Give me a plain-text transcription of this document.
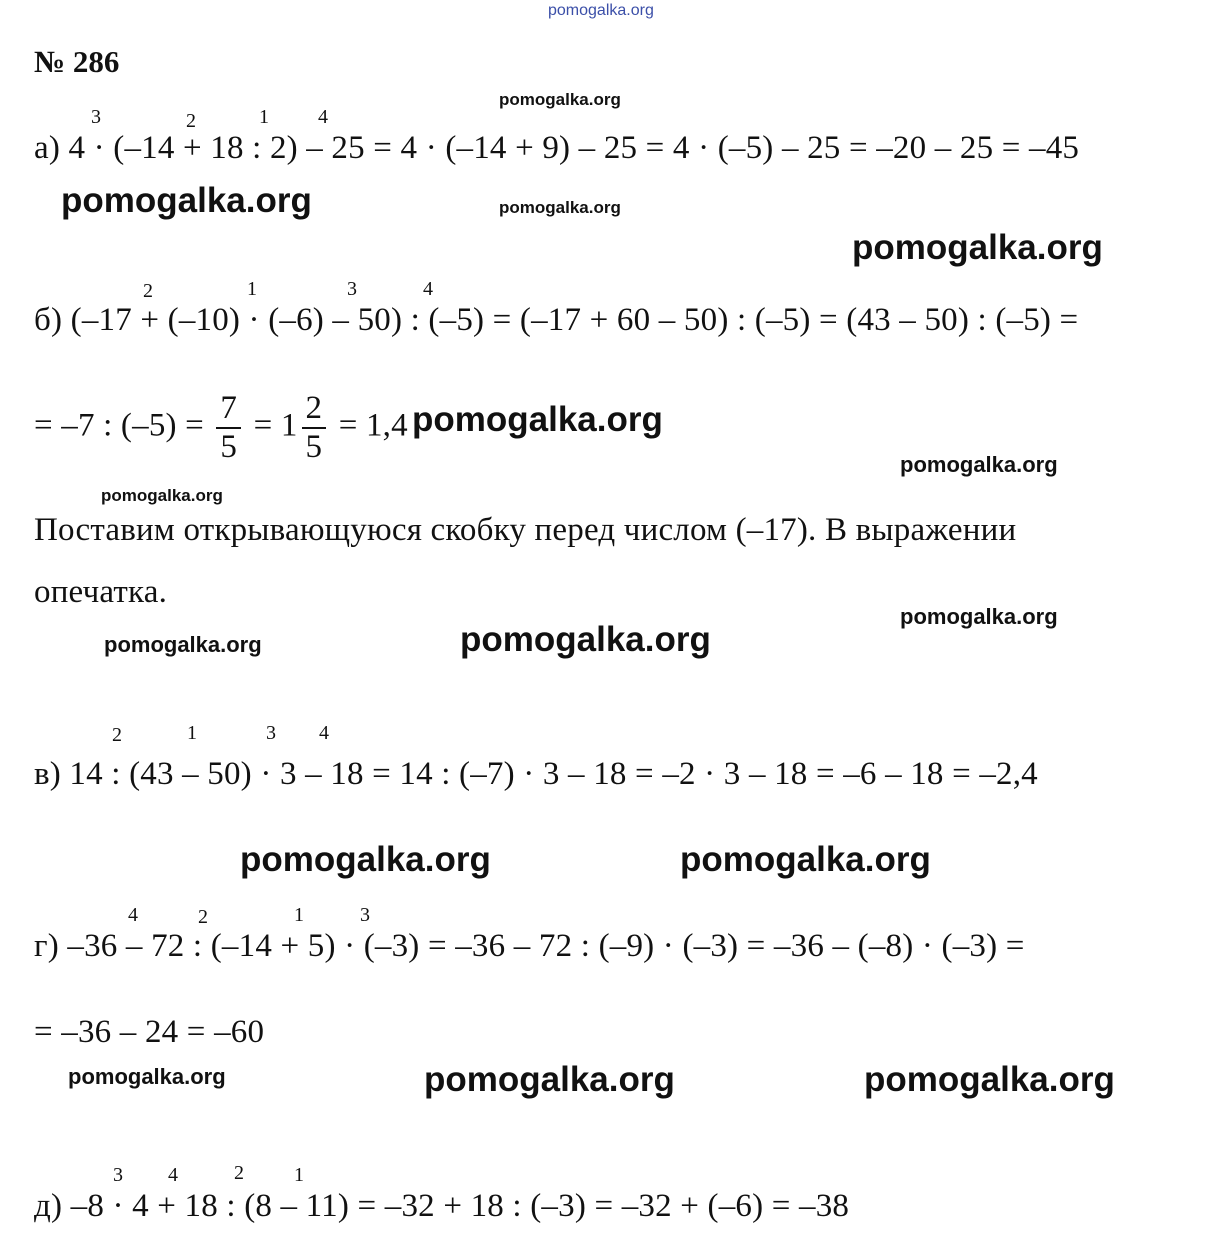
pomogalka.org
№ 286
3	2	1 4
а) 4 · (–14 + 18 : 2) – 25 = 4 · (–14 + 9) – 25 = 4 · (–5) – 25 = –20 – 25 = –45
2	1	3	4
б) (–17 + (–10) · (–6) – 50) : (–5) = (–17 + 60 – 50) : (–5) = (43 – 50) : (–5) =
= –7 : $(-5) = \frac{7}{5} = 1 \frac{2}{5} = 1,4$
Поставим открывающуюся скобку перед числом (–17). В выражении
опечатка.
2	1	3 4
в) 14 : (43 – 50) · 3 – 18 = 14 : (–7) · 3 – 18 = –2 · 3 – 18 = –6 – 18 = –2,4
4	2	1	3
г) –36 – 72 : (–14 + 5) · (–3) = –36 – 72 : (–9) · (–3) = –36 – (–8) · (–3) =
= –36 – 24 = –60
3 4	2	1
д) –8 · 4 + 18 : (8 – 11) = –32 + 18 : (–3) = –32 + (–6) = –38
pomogalka.org
pomogalka.org	pomogalka.org
pomogalka.org
pomogalka.org
pomogalka.org
pomogalka.org
pomogalka.org
pomogalka.org	pomogalka.org
pomogalka.org	pomogalka.org
pomogalka.org	pomogalka.org	pomogalka.org
